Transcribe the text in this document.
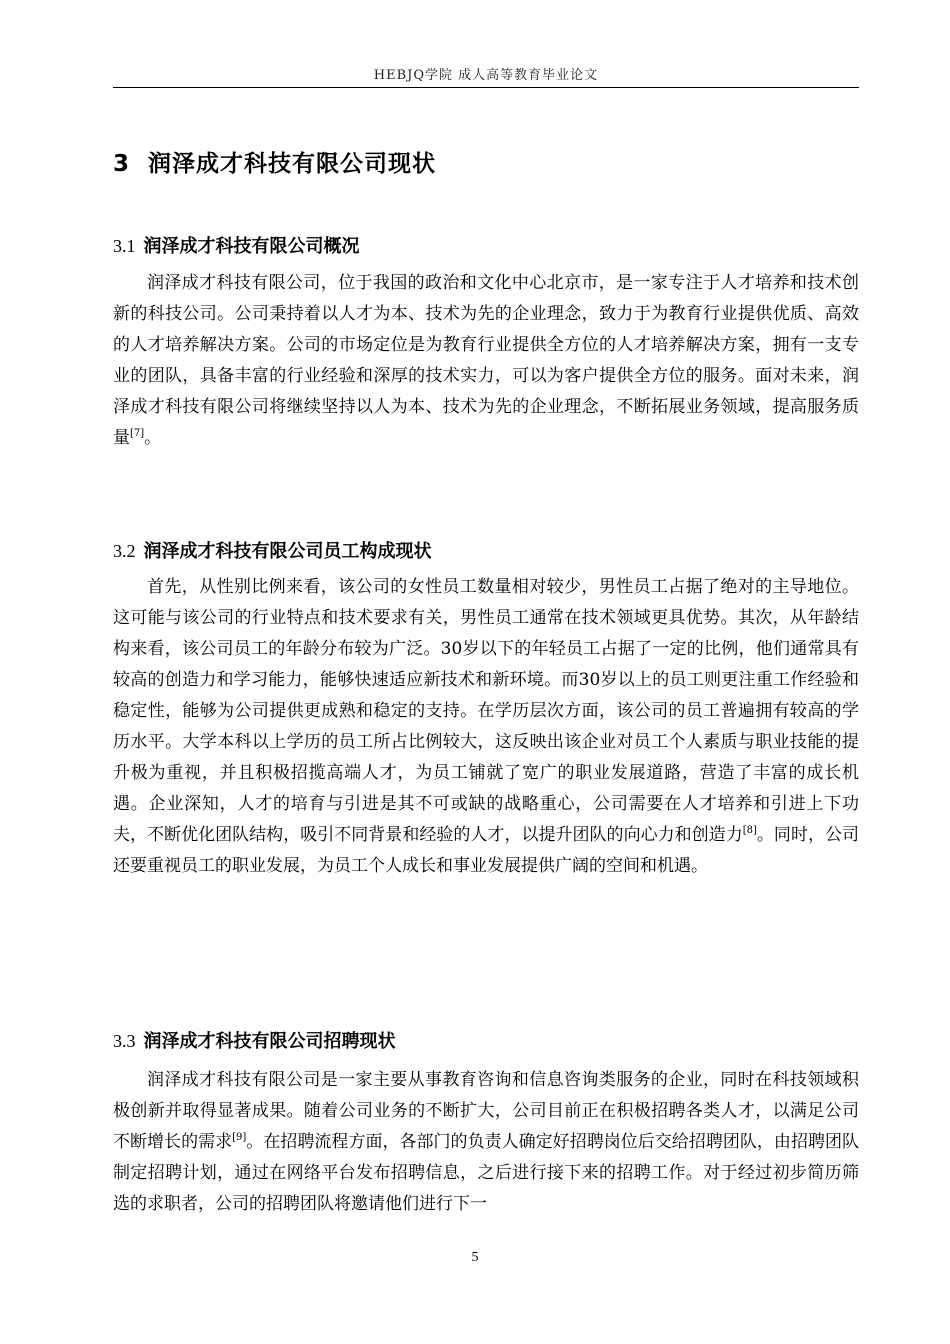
HEBJQ学院 成人高等教育毕业论文
3 润泽成才科技有限公司现状
3.1 润泽成才科技有限公司概况

润泽成才科技有限公司，位于我国的政治和文化中心北京市，是一家专注于人才培养和技术创新的科技公司。公司秉持着以人才为本、技术为先的企业理念，致力于为教育行业提供优质、高效的人才培养解决方案。公司的市场定位是为教育行业提供全方位的人才培养解决方案，拥有一支专业的团队，具备丰富的行业经验和深厚的技术实力，可以为客户提供全方位的服务。面对未来，润泽成才科技有限公司将继续坚持以人为本、技术为先的企业理念，不断拓展业务领域，提高服务质量[7]。

3.2 润泽成才科技有限公司员工构成现状

首先，从性别比例来看，该公司的女性员工数量相对较少，男性员工占据了绝对的主导地位。这可能与该公司的行业特点和技术要求有关，男性员工通常在技术领域更具优势。其次，从年龄结构来看，该公司员工的年龄分布较为广泛。30岁以下的年轻员工占据了一定的比例，他们通常具有较高的创造力和学习能力，能够快速适应新技术和新环境。而30岁以上的员工则更注重工作经验和稳定性，能够为公司提供更成熟和稳定的支持。在学历层次方面，该公司的员工普遍拥有较高的学历水平。大学本科以上学历的员工所占比例较大，这反映出该企业对员工个人素质与职业技能的提升极为重视，并且积极招揽高端人才，为员工铺就了宽广的职业发展道路，营造了丰富的成长机遇。企业深知，人才的培育与引进是其不可或缺的战略重心，公司需要在人才培养和引进上下功夫，不断优化团队结构，吸引不同背景和经验的人才，以提升团队的向心力和创造力[8]。同时，公司还要重视员工的职业发展，为员工个人成长和事业发展提供广阔的空间和机遇。

3.3 润泽成才科技有限公司招聘现状

润泽成才科技有限公司是一家主要从事教育咨询和信息咨询类服务的企业，同时在科技领域积极创新并取得显著成果。随着公司业务的不断扩大，公司目前正在积极招聘各类人才，以满足公司不断增长的需求[9]。在招聘流程方面，各部门的负责人确定好招聘岗位后交给招聘团队，由招聘团队制定招聘计划，通过在网络平台发布招聘信息，之后进行接下来的招聘工作。对于经过初步简历筛选的求职者，公司的招聘团队将邀请他们进行下一

5
